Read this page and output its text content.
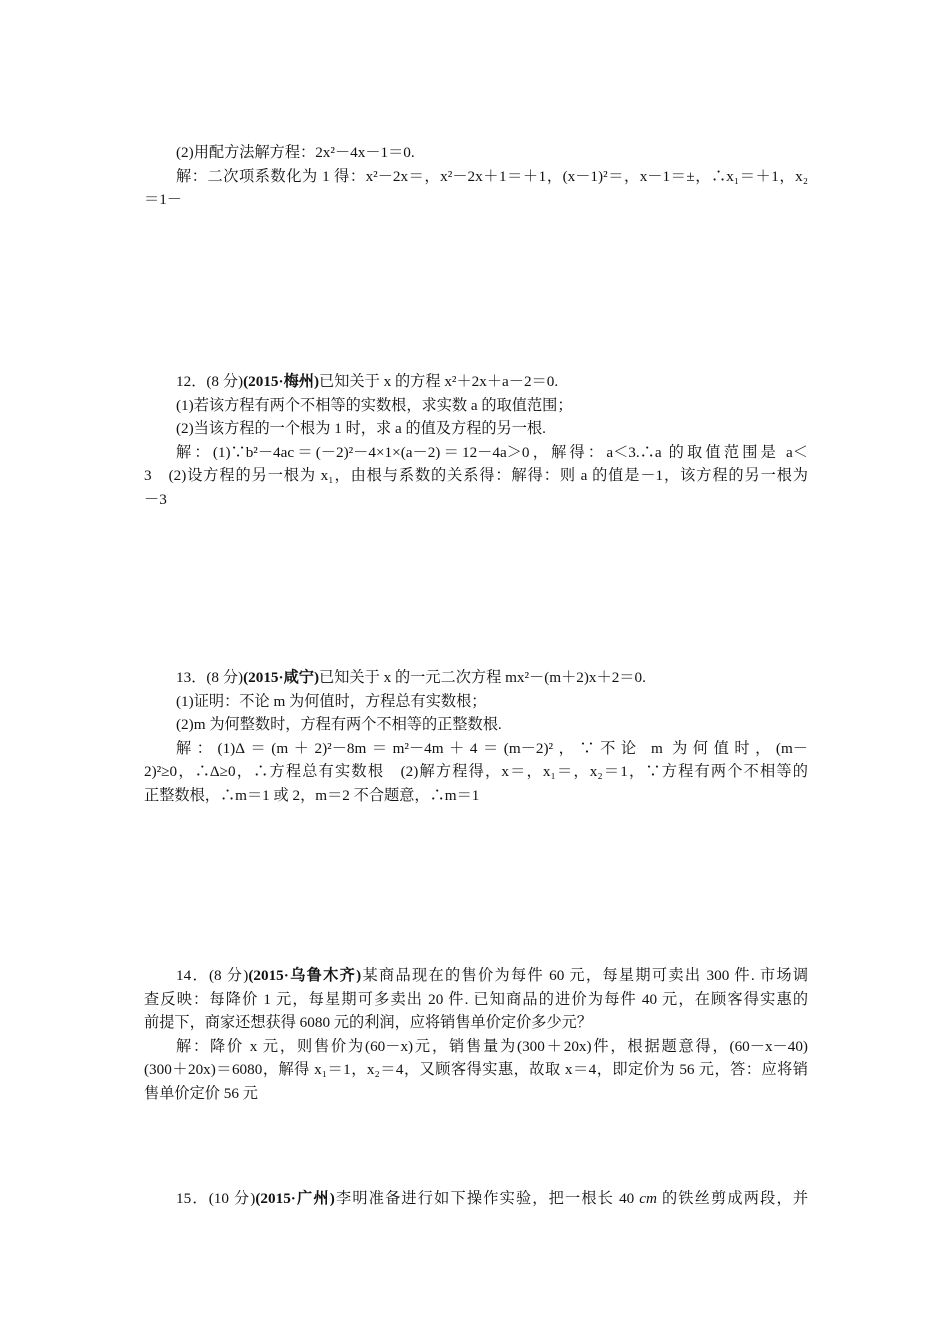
(2)用配方法解方程：2x²－4x－1＝0.
解：二次项系数化为 1 得：x²－2x＝，x²－2x＋1＝＋1，(x－1)²＝，x－1＝±，∴x₁＝＋1，x₂
＝1－
12．(8 分)(2015·梅州)已知关于 x 的方程 x²＋2x＋a－2＝0.
(1)若该方程有两个不相等的实数根，求实数 a 的取值范围；
(2)当该方程的一个根为 1 时，求 a 的值及方程的另一根.
解：(1)∵b²－4ac＝(－2)²－4×1×(a－2)＝12－4a＞0，解得：a＜3.∴a 的取值范围是 a＜
3　(2)设方程的另一根为 x₁，由根与系数的关系得：解得：则 a 的值是－1，该方程的另一根为
－3
13．(8 分)(2015·咸宁)已知关于 x 的一元二次方程 mx²－(m＋2)x＋2＝0.
(1)证明：不论 m 为何值时，方程总有实数根；
(2)m 为何整数时，方程有两个不相等的正整数根.
解：(1)Δ＝(m＋2)²－8m＝m²－4m＋4＝(m－2)²，∵不论 m 为何值时，(m－
2)²≥0，∴Δ≥0，∴方程总有实数根　(2)解方程得，x＝，x₁＝，x₂＝1，∵方程有两个不相等的
正整数根，∴m＝1 或 2，m＝2 不合题意，∴m＝1
14．(8 分)(2015·乌鲁木齐)某商品现在的售价为每件 60 元，每星期可卖出 300 件. 市场调
查反映：每降价 1 元，每星期可多卖出 20 件. 已知商品的进价为每件 40 元，在顾客得实惠的
前提下，商家还想获得 6080 元的利润，应将销售单价定价多少元？
解：降价 x 元，则售价为(60－x)元，销售量为(300＋20x)件，根据题意得，(60－x－40)
(300＋20x)＝6080，解得 x₁＝1，x₂＝4，又顾客得实惠，故取 x＝4，即定价为 56 元，答：应将销
售单价定价 56 元
15．(10 分)(2015·广州)李明准备进行如下操作实验，把一根长 40 cm 的铁丝剪成两段，并
